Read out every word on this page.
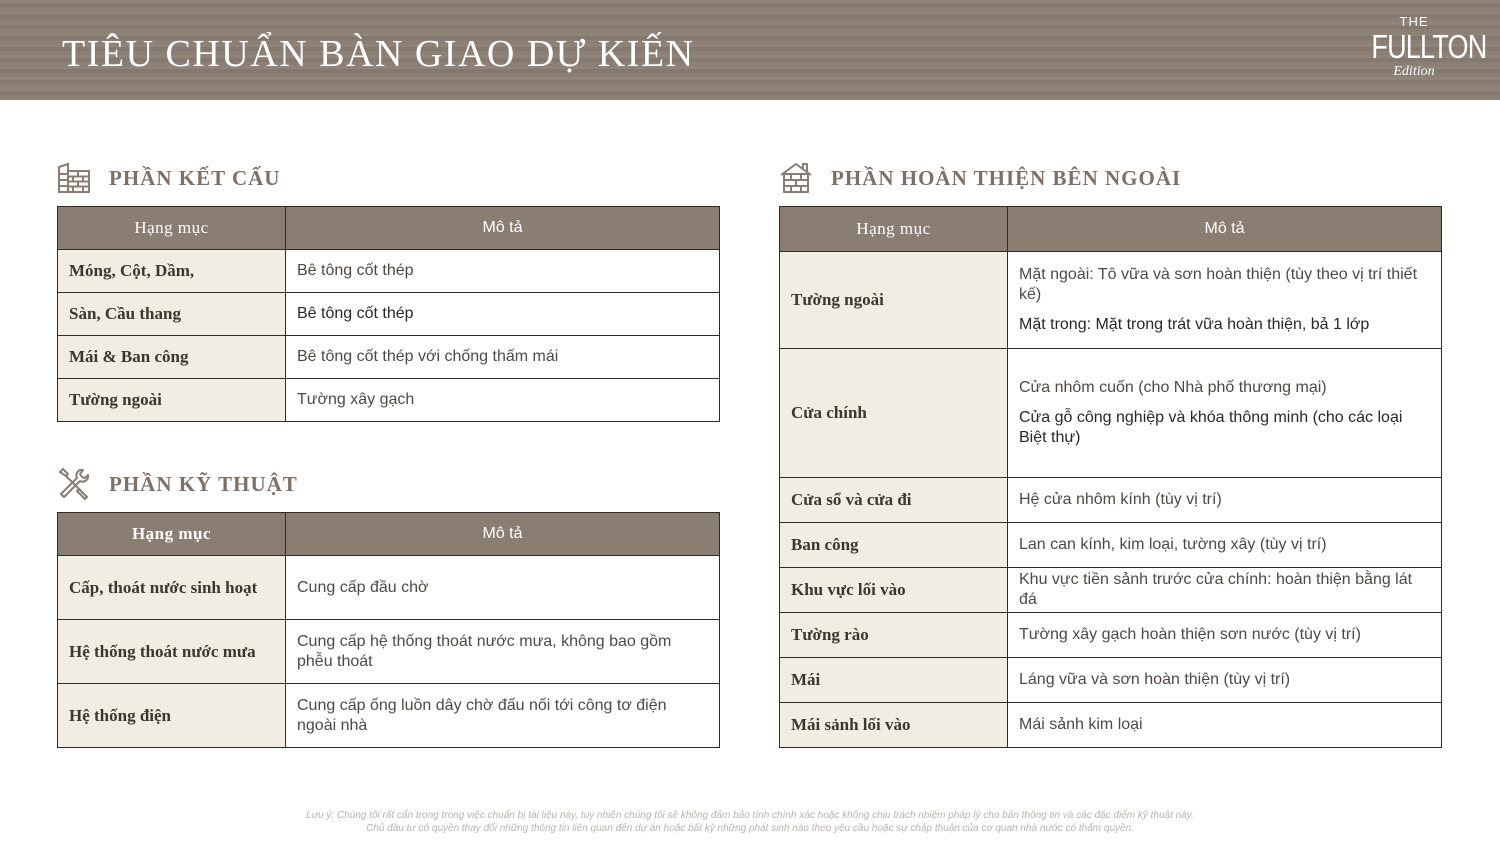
TIÊU CHUẨN BÀN GIAO DỰ KIẾN
THE
FULLTON
Edition
PHẦN KẾT CẤU
Hạng mục	Mô tả
Móng, Cột, Dầm,	Bê tông cốt thép
Sàn, Cầu thang	Bê tông cốt thép
Mái & Ban công	Bê tông cốt thép với chống thấm mái
Tường ngoài	Tường xây gạch
PHẦN KỸ THUẬT
Hạng mục	Mô tả
Cấp, thoát nước sinh hoạt	Cung cấp đầu chờ
Hệ thống thoát nước mưa	Cung cấp hệ thống thoát nước mưa, không bao gồm phễu thoát
Hệ thống điện	Cung cấp ống luồn dây chờ đấu nối tới công tơ điện ngoài nhà
PHẦN HOÀN THIỆN BÊN NGOÀI
Hạng mục	Mô tả
Tường ngoài	Mặt ngoài: Tô vữa và sơn hoàn thiện (tùy theo vị trí thiết kế)
Mặt trong: Mặt trong trát vữa hoàn thiện, bả 1 lớp

Cửa chính	Cửa nhôm cuốn (cho Nhà phố thương mại)
Cửa gỗ công nghiệp và khóa thông minh (cho các loại Biệt thự)

Cửa sổ và cửa đi	Hệ cửa nhôm kính (tùy vị trí)
Ban công	Lan can kính, kim loại, tường xây (tùy vị trí)
Khu vực lối vào	Khu vực tiền sảnh trước cửa chính: hoàn thiện bằng lát đá
Tường rào	Tường xây gạch hoàn thiện sơn nước (tùy vị trí)
Mái	Láng vữa và sơn hoàn thiện (tùy vị trí)
Mái sảnh lối vào	Mái sảnh kim loại
Lưu ý: Chúng tôi rất cẩn trọng trong việc chuẩn bị tài liệu này, tuy nhiên chúng tôi sẽ không đảm bảo tính chính xác hoặc không chịu trách nhiệm pháp lý cho bản thông tin và các đặc điểm kỹ thuật này.
Chủ đầu tư có quyền thay đổi những thông tin liên quan đến dự án hoặc bất kỳ những phát sinh nào theo yêu cầu hoặc sự chấp thuận của cơ quan nhà nước có thẩm quyền.
